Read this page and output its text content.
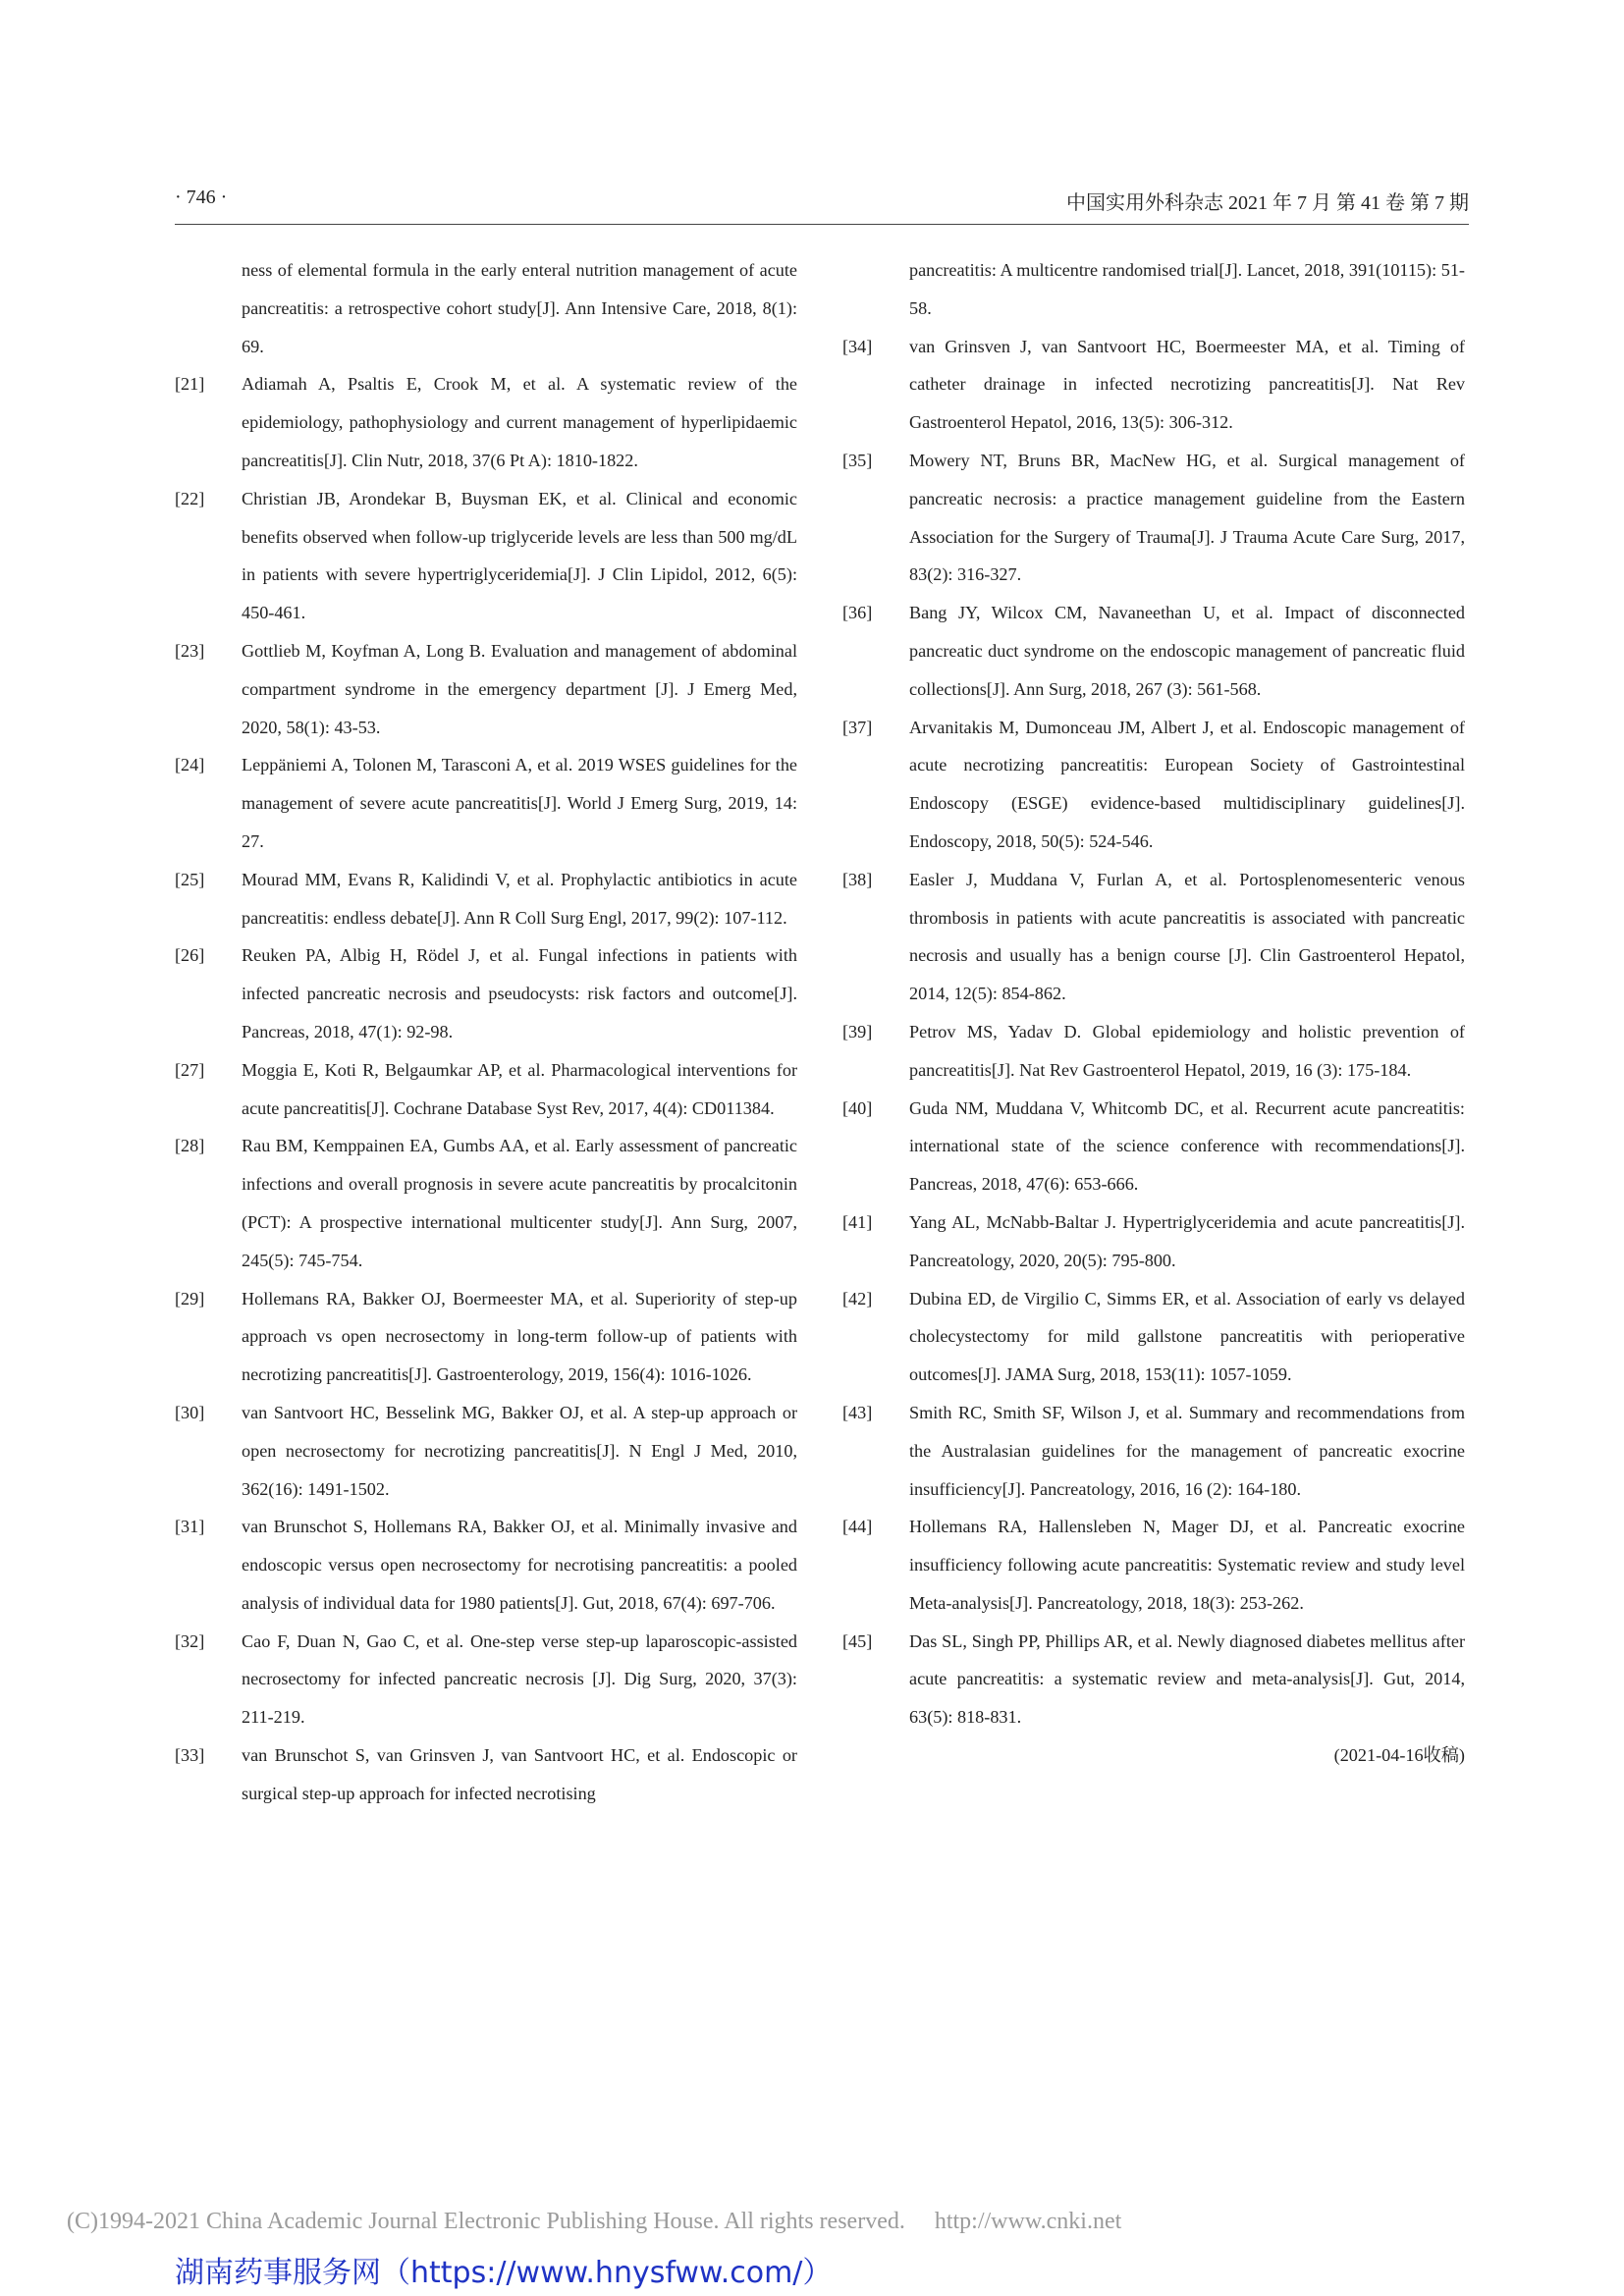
· 746 ·	中国实用外科杂志 2021 年 7 月 第 41 卷 第 7 期
ness of elemental formula in the early enteral nutrition management of acute pancreatitis: a retrospective cohort study[J]. Ann Intensive Care, 2018, 8(1): 69.
[21]	Adiamah A, Psaltis E, Crook M, et al. A systematic review of the epidemiology, pathophysiology and current management of hyperlipidaemic pancreatitis[J]. Clin Nutr, 2018, 37(6 Pt A): 1810-1822.
[22]	Christian JB, Arondekar B, Buysman EK, et al. Clinical and economic benefits observed when follow-up triglyceride levels are less than 500 mg/dL in patients with severe hypertriglyceridemia[J]. J Clin Lipidol, 2012, 6(5): 450-461.
[23]	Gottlieb M, Koyfman A, Long B. Evaluation and management of abdominal compartment syndrome in the emergency department [J]. J Emerg Med, 2020, 58(1): 43-53.
[24]	Leppäniemi A, Tolonen M, Tarasconi A, et al. 2019 WSES guidelines for the management of severe acute pancreatitis[J]. World J Emerg Surg, 2019, 14: 27.
[25]	Mourad MM, Evans R, Kalidindi V, et al. Prophylactic antibiotics in acute pancreatitis: endless debate[J]. Ann R Coll Surg Engl, 2017, 99(2): 107-112.
[26]	Reuken PA, Albig H, Rödel J, et al. Fungal infections in patients with infected pancreatic necrosis and pseudocysts: risk factors and outcome[J]. Pancreas, 2018, 47(1): 92-98.
[27]	Moggia E, Koti R, Belgaumkar AP, et al. Pharmacological interventions for acute pancreatitis[J]. Cochrane Database Syst Rev, 2017, 4(4): CD011384.
[28]	Rau BM, Kemppainen EA, Gumbs AA, et al. Early assessment of pancreatic infections and overall prognosis in severe acute pancreatitis by procalcitonin (PCT): A prospective international multicenter study[J]. Ann Surg, 2007, 245(5): 745-754.
[29]	Hollemans RA, Bakker OJ, Boermeester MA, et al. Superiority of step-up approach vs open necrosectomy in long-term follow-up of patients with necrotizing pancreatitis[J]. Gastroenterology, 2019, 156(4): 1016-1026.
[30]	van Santvoort HC, Besselink MG, Bakker OJ, et al. A step-up approach or open necrosectomy for necrotizing pancreatitis[J]. N Engl J Med, 2010, 362(16): 1491-1502.
[31]	van Brunschot S, Hollemans RA, Bakker OJ, et al. Minimally invasive and endoscopic versus open necrosectomy for necrotising pancreatitis: a pooled analysis of individual data for 1980 patients[J]. Gut, 2018, 67(4): 697-706.
[32]	Cao F, Duan N, Gao C, et al. One-step verse step-up laparoscopic-assisted necrosectomy for infected pancreatic necrosis [J]. Dig Surg, 2020, 37(3): 211-219.
[33]	van Brunschot S, van Grinsven J, van Santvoort HC, et al. Endoscopic or surgical step-up approach for infected necrotising
pancreatitis: A multicentre randomised trial[J]. Lancet, 2018, 391(10115): 51-58.
[34]	van Grinsven J, van Santvoort HC, Boermeester MA, et al. Timing of catheter drainage in infected necrotizing pancreatitis[J]. Nat Rev Gastroenterol Hepatol, 2016, 13(5): 306-312.
[35]	Mowery NT, Bruns BR, MacNew HG, et al. Surgical management of pancreatic necrosis: a practice management guideline from the Eastern Association for the Surgery of Trauma[J]. J Trauma Acute Care Surg, 2017, 83(2): 316-327.
[36]	Bang JY, Wilcox CM, Navaneethan U, et al. Impact of disconnected pancreatic duct syndrome on the endoscopic management of pancreatic fluid collections[J]. Ann Surg, 2018, 267 (3): 561-568.
[37]	Arvanitakis M, Dumonceau JM, Albert J, et al. Endoscopic management of acute necrotizing pancreatitis: European Society of Gastrointestinal Endoscopy (ESGE) evidence-based multidisciplinary guidelines[J]. Endoscopy, 2018, 50(5): 524-546.
[38]	Easler J, Muddana V, Furlan A, et al. Portosplenomesenteric venous thrombosis in patients with acute pancreatitis is associated with pancreatic necrosis and usually has a benign course [J]. Clin Gastroenterol Hepatol, 2014, 12(5): 854-862.
[39]	Petrov MS, Yadav D. Global epidemiology and holistic prevention of pancreatitis[J]. Nat Rev Gastroenterol Hepatol, 2019, 16 (3): 175-184.
[40]	Guda NM, Muddana V, Whitcomb DC, et al. Recurrent acute pancreatitis: international state of the science conference with recommendations[J]. Pancreas, 2018, 47(6): 653-666.
[41]	Yang AL, McNabb-Baltar J. Hypertriglyceridemia and acute pancreatitis[J]. Pancreatology, 2020, 20(5): 795-800.
[42]	Dubina ED, de Virgilio C, Simms ER, et al. Association of early vs delayed cholecystectomy for mild gallstone pancreatitis with perioperative outcomes[J]. JAMA Surg, 2018, 153(11): 1057-1059.
[43]	Smith RC, Smith SF, Wilson J, et al. Summary and recommendations from the Australasian guidelines for the management of pancreatic exocrine insufficiency[J]. Pancreatology, 2016, 16 (2): 164-180.
[44]	Hollemans RA, Hallensleben N, Mager DJ, et al. Pancreatic exocrine insufficiency following acute pancreatitis: Systematic review and study level Meta-analysis[J]. Pancreatology, 2018, 18(3): 253-262.
[45]	Das SL, Singh PP, Phillips AR, et al. Newly diagnosed diabetes mellitus after acute pancreatitis: a systematic review and meta-analysis[J]. Gut, 2014, 63(5): 818-831.
(2021-04-16收稿)
(C)1994-2021 China Academic Journal Electronic Publishing House. All rights reserved. http://www.cnki.net
湖南药事服务网（https://www.hnysfww.com/）
